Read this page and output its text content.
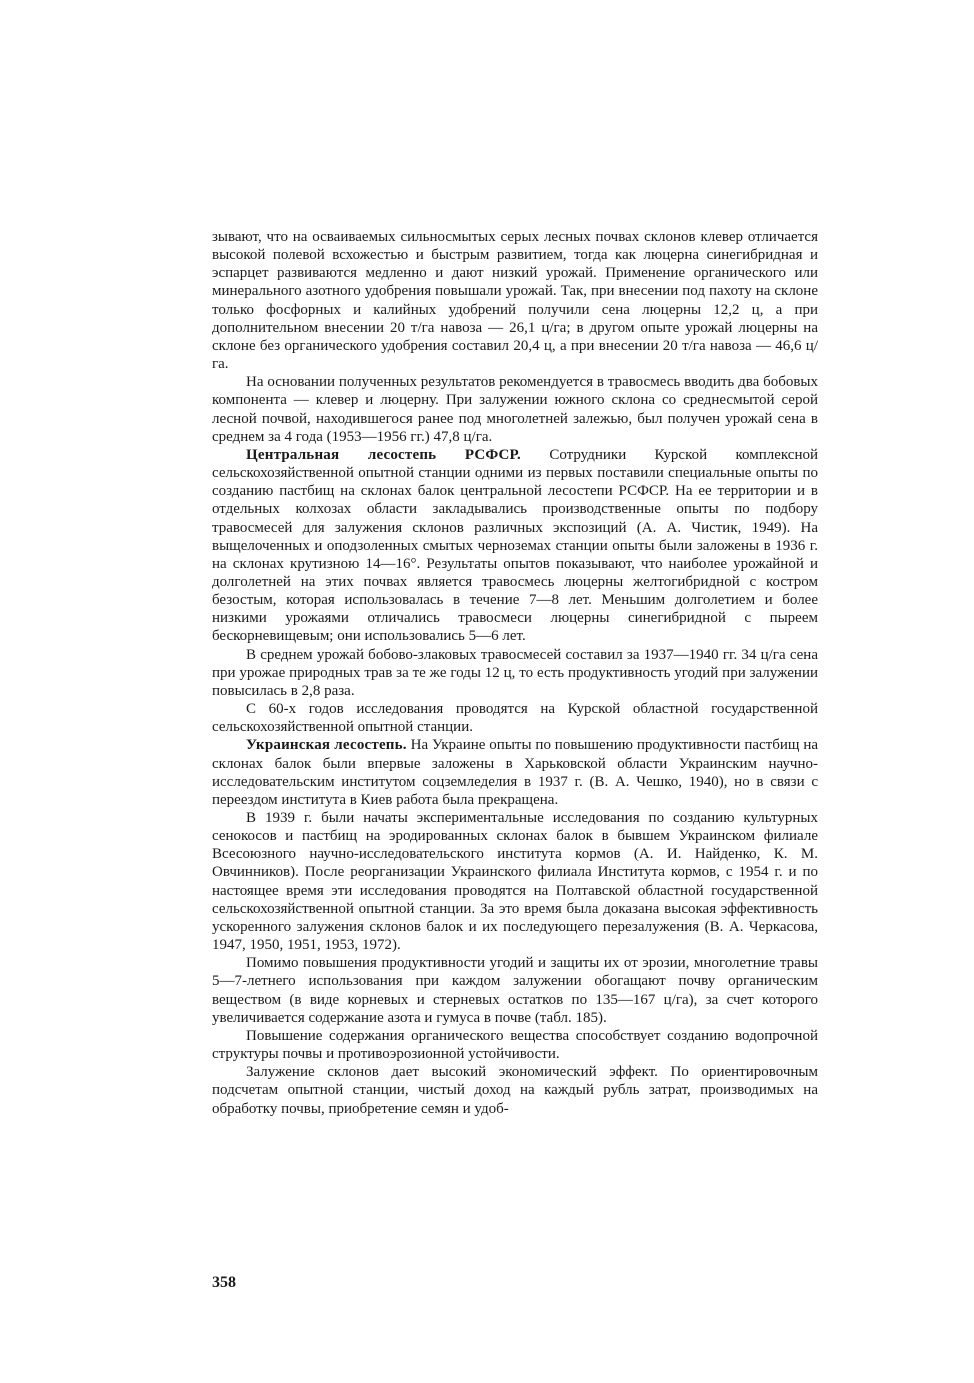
зывают, что на осваиваемых сильносмытых серых лесных почвах склонов клевер отличается высокой полевой всхожестью и быстрым развитием, тогда как люцерна синегибридная и эспарцет развиваются медленно и дают низкий урожай. Применение органического или минерального азотного удобрения повышали урожай. Так, при внесении под пахоту на склоне только фосфорных и калийных удобрений получили сена люцерны 12,2 ц, а при дополнительном внесении 20 т/га навоза — 26,1 ц/га; в другом опыте урожай люцерны на склоне без органического удобрения составил 20,4 ц, а при внесении 20 т/га навоза — 46,6 ц/га.

На основании полученных результатов рекомендуется в травосмесь вводить два бобовых компонента — клевер и люцерну. При залужении южного склона со среднесмытой серой лесной почвой, находившегося ранее под многолетней залежью, был получен урожай сена в среднем за 4 года (1953—1956 гг.) 47,8 ц/га.

Центральная лесостепь РСФСР. Сотрудники Курской комплексной сельскохозяйственной опытной станции одними из первых поставили специальные опыты по созданию пастбищ на склонах балок центральной лесостепи РСФСР. На ее территории и в отдельных колхозах области закладывались производственные опыты по подбору травосмесей для залужения склонов различных экспозиций (А. А. Чистик, 1949). На выщелоченных и оподзоленных смытых черноземах станции опыты были заложены в 1936 г. на склонах крутизною 14—16°. Результаты опытов показывают, что наиболее урожайной и долголетней на этих почвах является травосмесь люцерны желтогибридной с костром безостым, которая использовалась в течение 7—8 лет. Меньшим долголетием и более низкими урожаями отличались травосмеси люцерны синегибридной с пыреем бескорневищевым; они использовались 5—6 лет.

В среднем урожай бобово-злаковых травосмесей составил за 1937—1940 гг. 34 ц/га сена при урожае природных трав за те же годы 12 ц, то есть продуктивность угодий при залужении повысилась в 2,8 раза.

С 60-х годов исследования проводятся на Курской областной государственной сельскохозяйственной опытной станции.

Украинская лесостепь. На Украине опыты по повышению продуктивности пастбищ на склонах балок были впервые заложены в Харьковской области Украинским научно-исследовательским институтом соцземледелия в 1937 г. (В. А. Чешко, 1940), но в связи с переездом института в Киев работа была прекращена.

В 1939 г. были начаты экспериментальные исследования по созданию культурных сенокосов и пастбищ на эродированных склонах балок в бывшем Украинском филиале Всесоюзного научно-исследовательского института кормов (А. И. Найденко, К. М. Овчинников). После реорганизации Украинского филиала Института кормов, с 1954 г. и по настоящее время эти исследования проводятся на Полтавской областной государственной сельскохозяйственной опытной станции. За это время была доказана высокая эффективность ускоренного залужения склонов балок и их последующего перезалужения (В. А. Черкасова, 1947, 1950, 1951, 1953, 1972).

Помимо повышения продуктивности угодий и защиты их от эрозии, многолетние травы 5—7-летнего использования при каждом залужении обогащают почву органическим веществом (в виде корневых и стерневых остатков по 135—167 ц/га), за счет которого увеличивается содержание азота и гумуса в почве (табл. 185).

Повышение содержания органического вещества способствует созданию водопрочной структуры почвы и противоэрозионной устойчивости.

Залужение склонов дает высокий экономический эффект. По ориентировочным подсчетам опытной станции, чистый доход на каждый рубль затрат, производимых на обработку почвы, приобретение семян и удоб-

358
